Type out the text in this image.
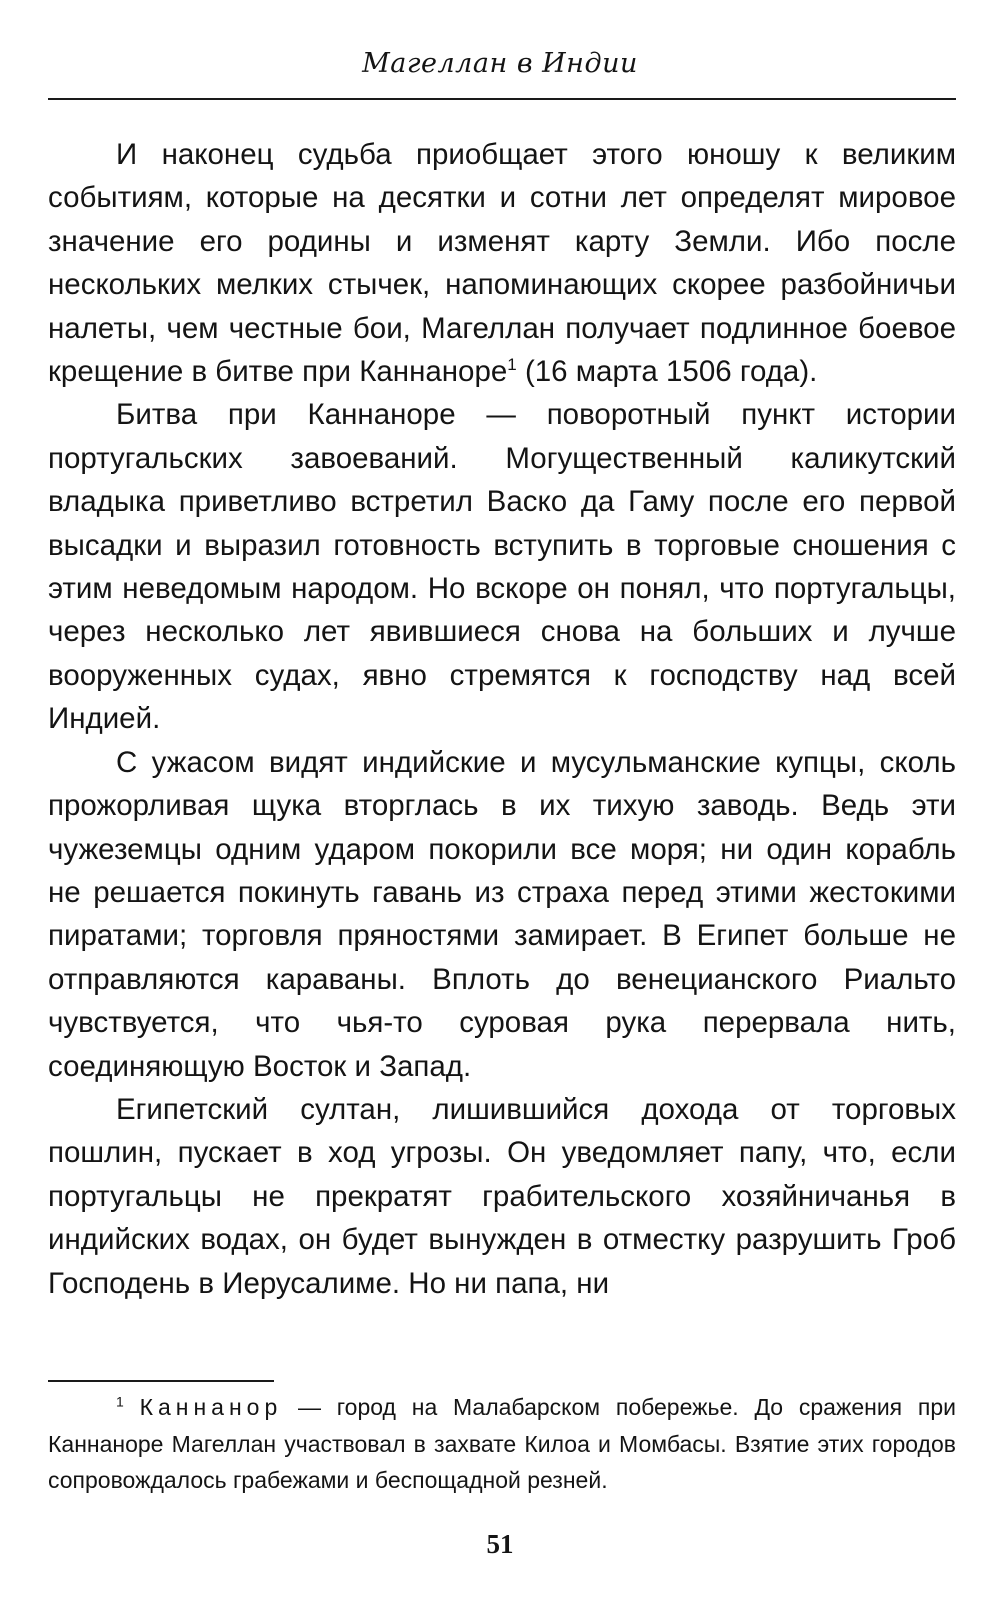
Магеллан в Индии

И наконец судьба приобщает этого юношу к великим событиям, которые на десятки и сотни лет определят мировое значение его родины и изменят карту Земли. Ибо после нескольких мелких стычек, напоминающих скорее разбойничьи налеты, чем честные бои, Магеллан получает подлинное боевое крещение в битве при Каннаноре$^1$ (16 марта 1506 года).

Битва при Каннаноре — поворотный пункт истории португальских завоеваний. Могущественный каликутский владыка приветливо встретил Васко да Гаму после его первой высадки и выразил готовность вступить в торговые сношения с этим неведомым народом. Но вскоре он понял, что португальцы, через несколько лет явившиеся снова на больших и лучше вооруженных судах, явно стремятся к господству над всей Индией.

С ужасом видят индийские и мусульманские купцы, сколь прожорливая щука вторглась в их тихую заводь. Ведь эти чужеземцы одним ударом покорили все моря; ни один корабль не решается покинуть гавань из страха перед этими жестокими пиратами; торговля пряностями замирает. В Египет больше не отправляются караваны. Вплоть до венецианского Риальто чувствуется, что чья-то суровая рука перервала нить, соединяющую Восток и Запад.

Египетский султан, лишившийся дохода от торговых пошлин, пускает в ход угрозы. Он уведомляет папу, что, если португальцы не прекратят грабительского хозяйничанья в индийских водах, он будет вынужден в отместку разрушить Гроб Господень в Иерусалиме. Но ни папа, ни

$^1$ Каннанор — город на Малабарском побережье. До сражения при Каннаноре Магеллан участвовал в захвате Килоа и Момбасы. Взятие этих городов сопровождалось грабежами и беспощадной резней.

51
